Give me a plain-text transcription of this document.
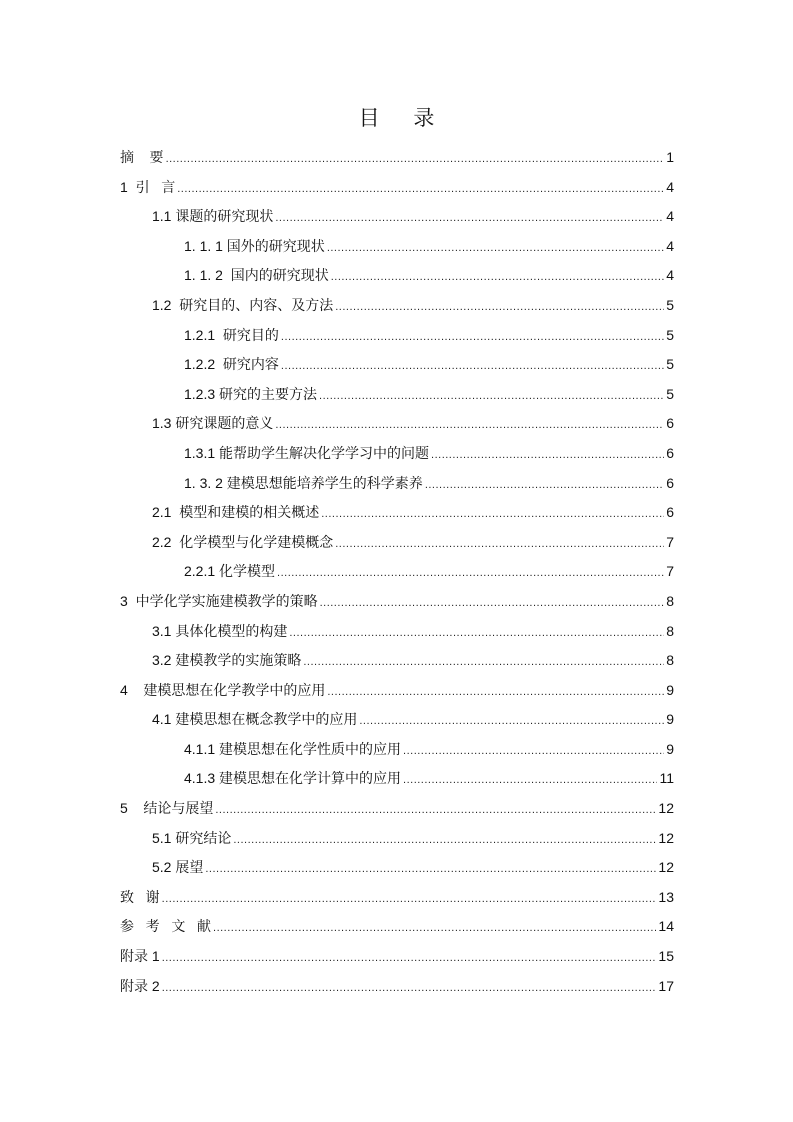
目 录
摘    要 .....	1
1  引   言 .....	4
1.1 课题的研究现状 .....	4
1. 1. 1 国外的研究现状 .....	4
1. 1. 2  国内的研究现状 .....	4
1.2  研究目的、内容、及方法 .....	5
1.2.1  研究目的 .....	5
1.2.2  研究内容 .....	5
1.2.3 研究的主要方法 .....	5
1.3 研究课题的意义 .....	6
1.3.1 能帮助学生解决化学学习中的问题 .....	6
1. 3. 2 建模思想能培养学生的科学素养 .....	6
2.1  模型和建模的相关概述 .....	6
2.2  化学模型与化学建模概念 .....	7
2.2.1 化学模型 .....	7
3  中学化学实施建模教学的策略 .....	8
3.1 具体化模型的构建 .....	8
3.2 建模教学的实施策略 .....	8
4    建模思想在化学教学中的应用 .....	9
4.1 建模思想在概念教学中的应用 .....	9
4.1.1 建模思想在化学性质中的应用 .....	9
4.1.3 建模思想在化学计算中的应用 .....	11
5    结论与展望 .....	12
5.1 研究结论 .....	12
5.2 展望 .....	12
致   谢 .....	13
参   考   文   献 .....	14
附录 1 .....	15
附录 2 .....	17
